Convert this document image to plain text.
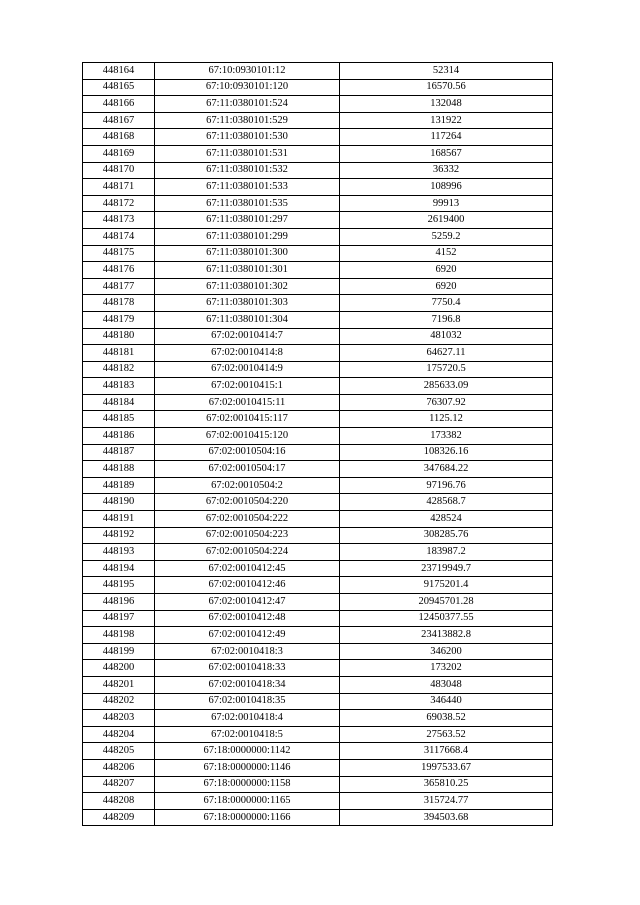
448164	67:10:0930101:12	52314
448165	67:10:0930101:120	16570.56
448166	67:11:0380101:524	132048
448167	67:11:0380101:529	131922
448168	67:11:0380101:530	117264
448169	67:11:0380101:531	168567
448170	67:11:0380101:532	36332
448171	67:11:0380101:533	108996
448172	67:11:0380101:535	99913
448173	67:11:0380101:297	2619400
448174	67:11:0380101:299	5259.2
448175	67:11:0380101:300	4152
448176	67:11:0380101:301	6920
448177	67:11:0380101:302	6920
448178	67:11:0380101:303	7750.4
448179	67:11:0380101:304	7196.8
448180	67:02:0010414:7	481032
448181	67:02:0010414:8	64627.11
448182	67:02:0010414:9	175720.5
448183	67:02:0010415:1	285633.09
448184	67:02:0010415:11	76307.92
448185	67:02:0010415:117	1125.12
448186	67:02:0010415:120	173382
448187	67:02:0010504:16	108326.16
448188	67:02:0010504:17	347684.22
448189	67:02:0010504:2	97196.76
448190	67:02:0010504:220	428568.7
448191	67:02:0010504:222	428524
448192	67:02:0010504:223	308285.76
448193	67:02:0010504:224	183987.2
448194	67:02:0010412:45	23719949.7
448195	67:02:0010412:46	9175201.4
448196	67:02:0010412:47	20945701.28
448197	67:02:0010412:48	12450377.55
448198	67:02:0010412:49	23413882.8
448199	67:02:0010418:3	346200
448200	67:02:0010418:33	173202
448201	67:02:0010418:34	483048
448202	67:02:0010418:35	346440
448203	67:02:0010418:4	69038.52
448204	67:02:0010418:5	27563.52
448205	67:18:0000000:1142	3117668.4
448206	67:18:0000000:1146	1997533.67
448207	67:18:0000000:1158	365810.25
448208	67:18:0000000:1165	315724.77
448209	67:18:0000000:1166	394503.68
